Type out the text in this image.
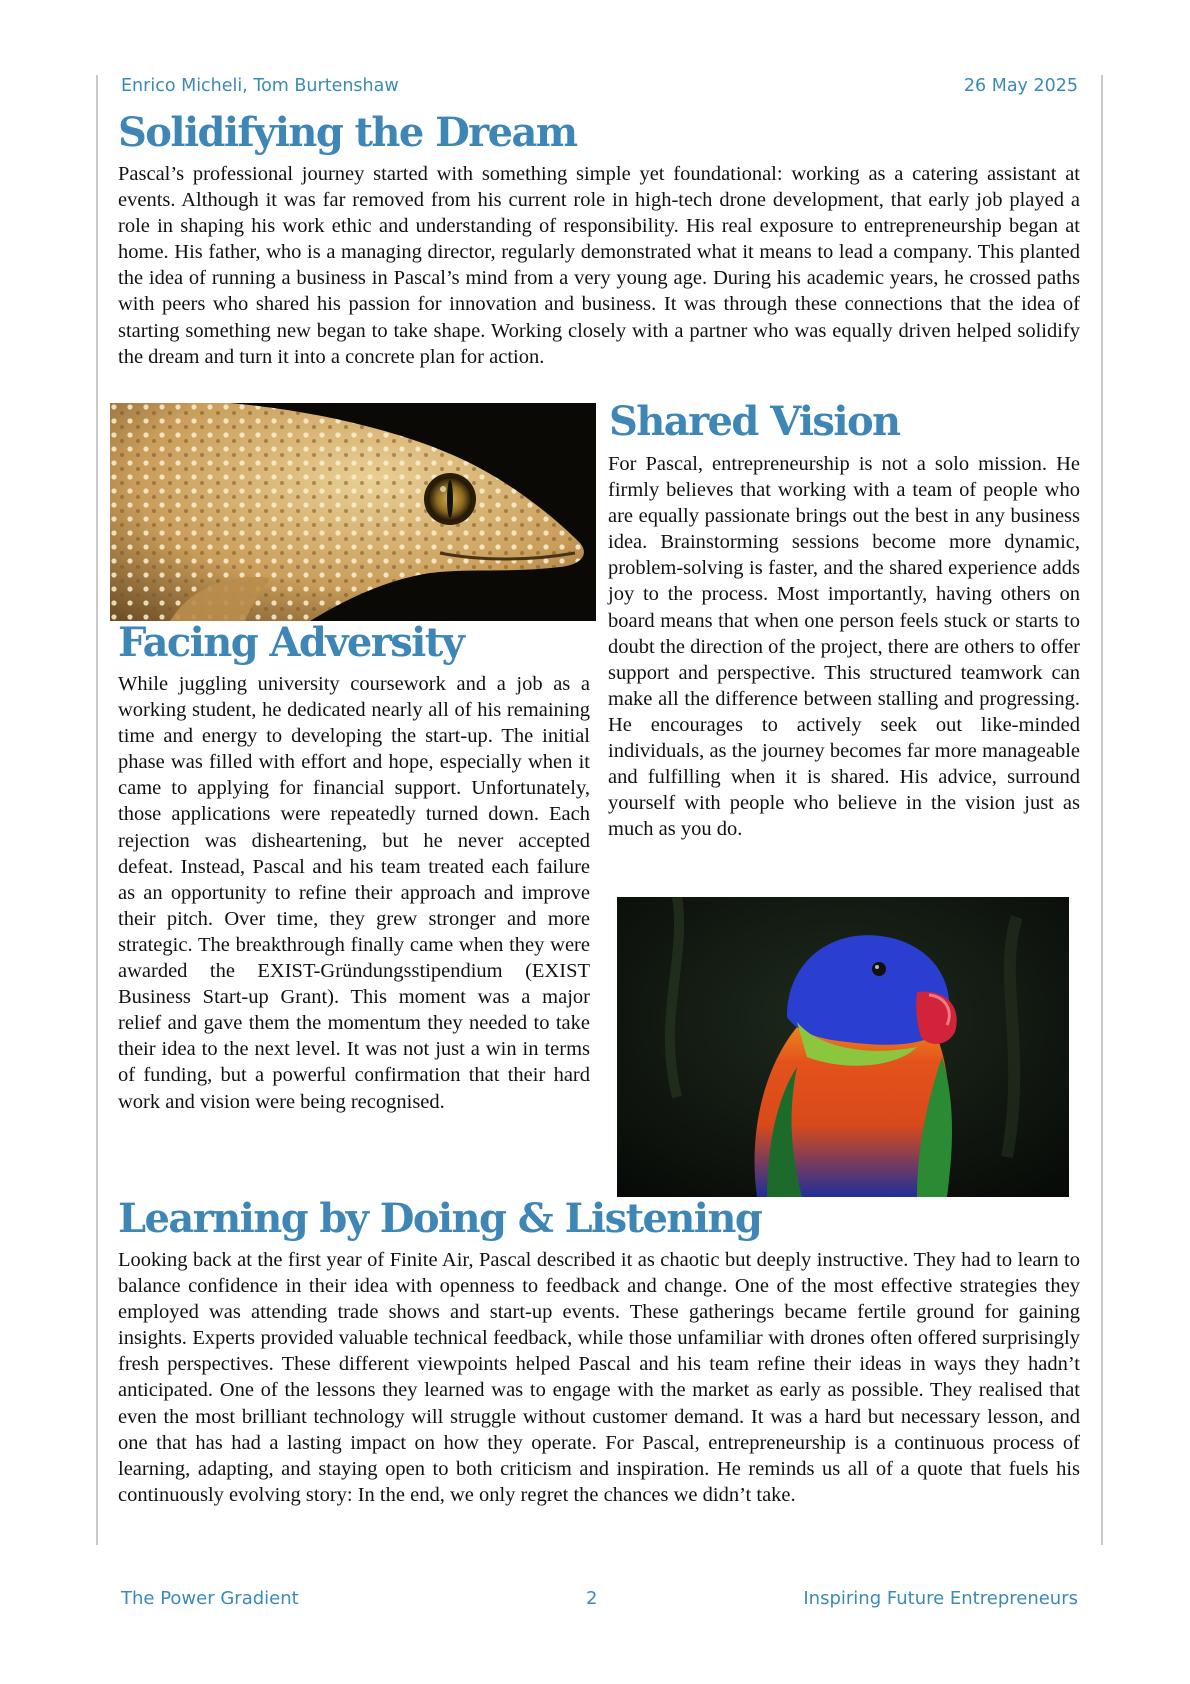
Enrico Micheli, Tom Burtenshaw	26 May 2025
Solidifying the Dream

Pascal’s professional journey started with something simple yet foundational: working as a catering assistant at events. Although it was far removed from his current role in high-tech drone development, that early job played a role in shaping his work ethic and understanding of responsibility. His real exposure to entrepreneurship began at home. His father, who is a managing director, regularly demonstrated what it means to lead a company. This planted the idea of running a business in Pascal’s mind from a very young age. During his academic years, he crossed paths with peers who shared his passion for innovation and business. It was through these connections that the idea of starting something new began to take shape. Working closely with a partner who was equally driven helped solidify the dream and turn it into a concrete plan for action.

Facing Adversity

While juggling university coursework and a job as a working student, he dedicated nearly all of his remaining time and energy to developing the start-up. The initial phase was filled with effort and hope, especially when it came to applying for financial support. Unfortunately, those applications were repeatedly turned down. Each rejection was disheartening, but he never accepted defeat. Instead, Pascal and his team treated each failure as an opportunity to refine their approach and improve their pitch. Over time, they grew stronger and more strategic. The breakthrough finally came when they were awarded the EXIST-Gründungsstipendium (EXIST Business Start-up Grant). This moment was a major relief and gave them the momentum they needed to take their idea to the next level. It was not just a win in terms of funding, but a powerful confirmation that their hard work and vision were being recognised.

Shared Vision

For Pascal, entrepreneurship is not a solo mission. He firmly believes that working with a team of people who are equally passionate brings out the best in any business idea. Brainstorming sessions become more dynamic, problem-solving is faster, and the shared experience adds joy to the process. Most importantly, having others on board means that when one person feels stuck or starts to doubt the direction of the project, there are others to offer support and perspective. This structured teamwork can make all the difference between stalling and progressing. He encourages to actively seek out like-minded individuals, as the journey becomes far more manageable and fulfilling when it is shared. His advice, surround yourself with people who believe in the vision just as much as you do.

Learning by Doing & Listening

Looking back at the first year of Finite Air, Pascal described it as chaotic but deeply instructive. They had to learn to balance confidence in their idea with openness to feedback and change. One of the most effective strategies they employed was attending trade shows and start-up events. These gatherings became fertile ground for gaining insights. Experts provided valuable technical feedback, while those unfamiliar with drones often offered surprisingly fresh perspectives. These different viewpoints helped Pascal and his team refine their ideas in ways they hadn’t anticipated. One of the lessons they learned was to engage with the market as early as possible. They realised that even the most brilliant technology will struggle without customer demand. It was a hard but necessary lesson, and one that has had a lasting impact on how they operate. For Pascal, entrepreneurship is a continuous process of learning, adapting, and staying open to both criticism and inspiration. He reminds us all of a quote that fuels his continuously evolving story: In the end, we only regret the chances we didn’t take.

The Power Gradient	2	Inspiring Future Entrepreneurs
